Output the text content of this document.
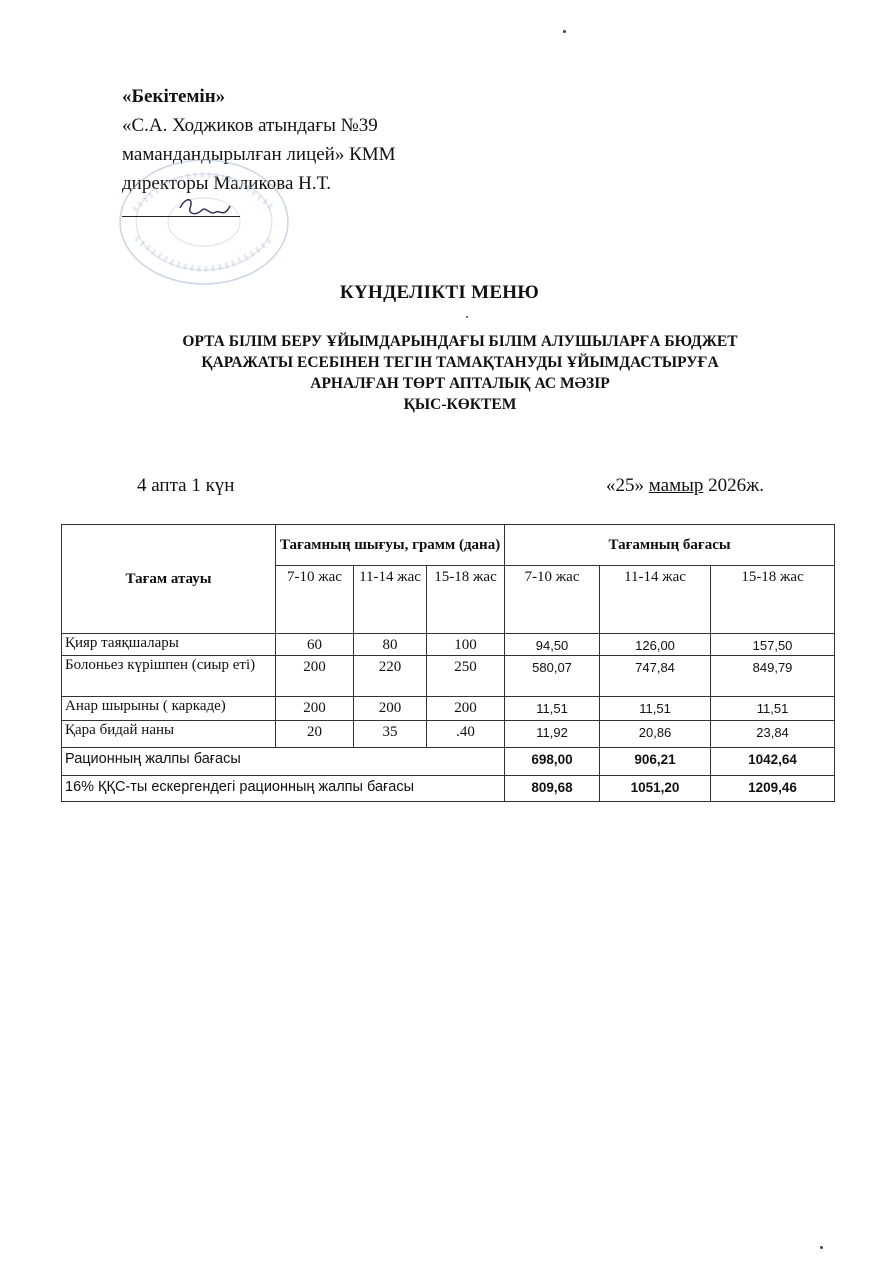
«Бекітемін»
«С.А. Ходжиков атындағы №39
мамандандырылған лицей» КММ
директоры Маликова Н.Т.
КҮНДЕЛІКТІ МЕНЮ
ОРТА БІЛІМ БЕРУ ҰЙЫМДАРЫНДАҒЫ БІЛІМ АЛУШЫЛАРҒА БЮДЖЕТ
ҚАРАЖАТЫ ЕСЕБІНЕН ТЕГІН ТАМАҚТАНУДЫ ҰЙЫМДАСТЫРУҒА
АРНАЛҒАН ТӨРТ АПТАЛЫҚ АС МӘЗІР
ҚЫС-КӨКТЕМ
4 апта 1 күн	«25» мамыр 2026ж.
Тағам атауы	Тағамның шығуы, грамм (дана)			Тағамның бағасы		
	7-10 жас	11-14 жас	15-18 жас	7-10 жас	11-14 жас	15-18 жас
Қияр таяқшалары	60	80	100	94,50	126,00	157,50
Болоньез күрішпен (сиыр еті)	200	220	250	580,07	747,84	849,79
Анар шырыны ( каркаде)	200	200	200	11,51	11,51	11,51
Қара бидай наны	20	35	.40	11,92	20,86	23,84
Рационның жалпы бағасы				698,00	906,21	1042,64
16% ҚҚС-ты ескергендегі рационның жалпы бағасы				809,68	1051,20	1209,46
